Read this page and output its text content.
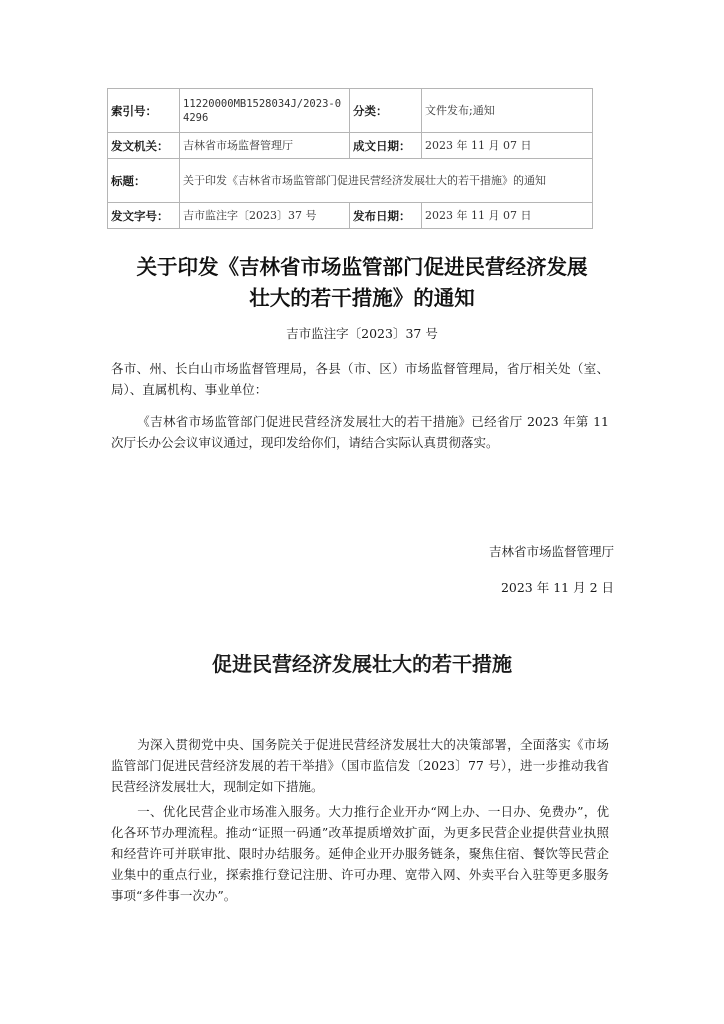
索引号：	11220000MB1528034J/2023-04296	分类：	文件发布;通知
发文机关：	吉林省市场监督管理厅	成文日期：	2023 年 11 月 07 日
标题：	关于印发《吉林省市场监管部门促进民营经济发展壮大的若干措施》的通知		
发文字号：	吉市监注字〔2023〕37 号	发布日期：	2023 年 11 月 07 日
关于印发《吉林省市场监管部门促进民营经济发展
壮大的若干措施》的通知
吉市监注字〔2023〕37 号
各市、州、长白山市场监督管理局，各县（市、区）市场监督管理局，省厅相关处（室、局）、直属机构、事业单位：
《吉林省市场监管部门促进民营经济发展壮大的若干措施》已经省厅 2023 年第 11 次厅长办公会议审议通过，现印发给你们，请结合实际认真贯彻落实。
吉林省市场监督管理厅
2023 年 11 月 2 日
促进民营经济发展壮大的若干措施
为深入贯彻党中央、国务院关于促进民营经济发展壮大的决策部署，全面落实《市场监管部门促进民营经济发展的若干举措》（国市监信发〔2023〕77 号），进一步推动我省民营经济发展壮大，现制定如下措施。
一、优化民营企业市场准入服务。大力推行企业开办“网上办、一日办、免费办”，优化各环节办理流程。推动“证照一码通”改革提质增效扩面，为更多民营企业提供营业执照和经营许可并联审批、限时办结服务。延伸企业开办服务链条，聚焦住宿、餐饮等民营企业集中的重点行业，探索推行登记注册、许可办理、宽带入网、外卖平台入驻等更多服务事项“多件事一次办”。
